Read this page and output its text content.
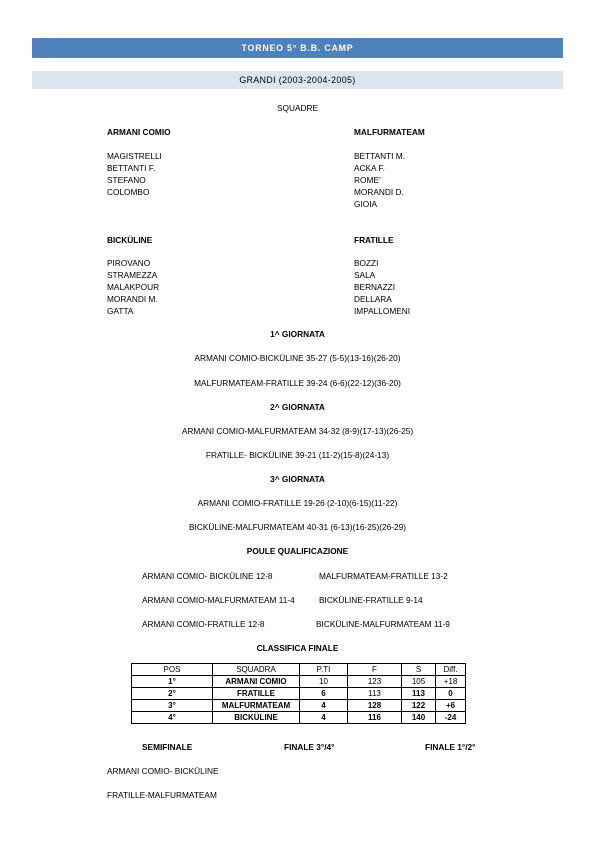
TORNEO 5° B.B. CAMP
GRANDI (2003-2004-2005)
SQUADRE
ARMANI COMIO
MAGISTRELLI
BETTANTI F.
STEFANO
COLOMBO
MALFURMATEAM
BETTANTI M.
ACKA F.
ROME’
MORANDI D.
GIOIA
BICKÜLINE
PIROVANO
STRAMEZZA
MALAKPOUR
MORANDI M.
GATTA
FRATILLE
BOZZI
SALA
BERNAZZI
DELLARA
IMPALLOMENI
1^ GIORNATA
ARMANI COMIO-BICKÜLINE 35-27 (5-5)(13-16)(26-20)
MALFURMATEAM-FRATILLE 39-24 (6-6)(22-12)(36-20)
2^ GIORNATA
ARMANI COMIO-MALFURMATEAM 34-32 (8-9)(17-13)(26-25)
FRATILLE- BICKÜLINE 39-21 (11-2)(15-8)(24-13)
3^ GIORNATA
ARMANI COMIO-FRATILLE 19-26 (2-10)(6-15)(11-22)
BICKÜLINE-MALFURMATEAM 40-31 (6-13)(16-25)(26-29)
POULE QUALIFICAZIONE
ARMANI COMIO- BICKÜLINE 12-8
ARMANI COMIO-MALFURMATEAM 11-4
ARMANI COMIO-FRATILLE 12-8
MALFURMATEAM-FRATILLE 13-2
BICKÜLINE-FRATILLE 9-14
BICKÜLINE-MALFURMATEAM 11-9
CLASSIFICA FINALE
POS	SQUADRA	P.TI	F	S	Diff.
1°	ARMANI COMIO	10	123	105	+18
2°	FRATILLE	6	113	113	0
3°	MALFURMATEAM	4	128	122	+6
4°	BICKÜLINE	4	116	140	-24
SEMIFINALE	FINALE 3°/4°	FINALE 1°/2°
ARMANI COMIO- BICKÜLINE
FRATILLE-MALFURMATEAM
